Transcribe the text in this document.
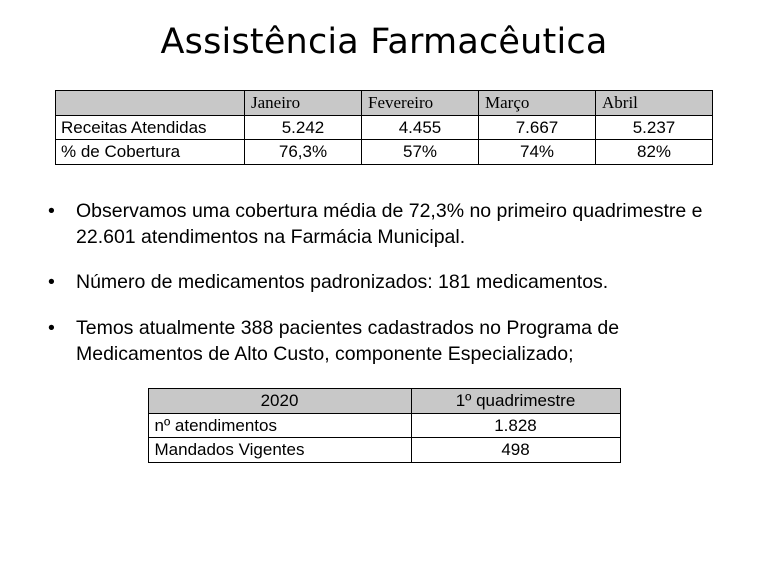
Assistência Farmacêutica
	Janeiro	Fevereiro	Março	Abril
Receitas Atendidas	5.242	4.455	7.667	5.237
% de Cobertura	76,3%	57%	74%	82%
• Observamos uma cobertura média de 72,3% no primeiro quadrimestre e 22.601 atendimentos na Farmácia Municipal.
• Número de medicamentos padronizados: 181 medicamentos.
• Temos atualmente 388 pacientes cadastrados no Programa de Medicamentos de Alto Custo, componente Especializado;
2020	1º quadrimestre
nº atendimentos	1.828
Mandados Vigentes	498
